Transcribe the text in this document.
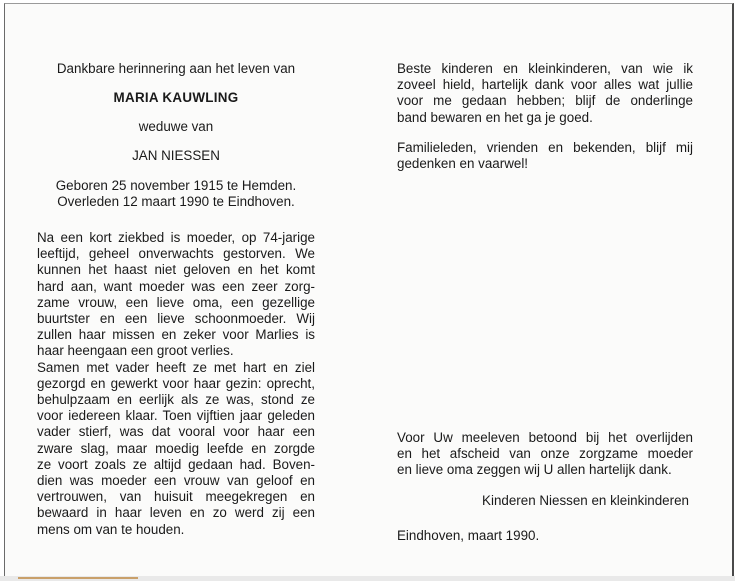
Dankbare herinnering aan het leven van
MARIA KAUWLING
weduwe van
JAN NIESSEN
Geboren 25 november 1915 te Hemden.
Overleden 12 maart 1990 te Eindhoven.
Na een kort ziekbed is moeder, op 74-jarige
leeftijd, geheel onverwachts gestorven. We
kunnen het haast niet geloven en het komt
hard aan, want moeder was een zeer zorg-
zame vrouw, een lieve oma, een gezellige
buurtster en een lieve schoonmoeder. Wij
zullen haar missen en zeker voor Marlies is
haar heengaan een groot verlies.
Samen met vader heeft ze met hart en ziel
gezorgd en gewerkt voor haar gezin: oprecht,
behulpzaam en eerlijk als ze was, stond ze
voor iedereen klaar. Toen vijftien jaar geleden
vader stierf, was dat vooral voor haar een
zware slag, maar moedig leefde en zorgde
ze voort zoals ze altijd gedaan had. Boven-
dien was moeder een vrouw van geloof en
vertrouwen, van huisuit meegekregen en
bewaard in haar leven en zo werd zij een
mens om van te houden.
Beste kinderen en kleinkinderen, van wie ik
zoveel hield, hartelijk dank voor alles wat jullie
voor me gedaan hebben; blijf de onderlinge
band bewaren en het ga je goed.
Familieleden, vrienden en bekenden, blijf mij
gedenken en vaarwel!
Voor Uw meeleven betoond bij het overlijden
en het afscheid van onze zorgzame moeder
en lieve oma zeggen wij U allen hartelijk dank.
Kinderen Niessen en kleinkinderen
Eindhoven, maart 1990.
